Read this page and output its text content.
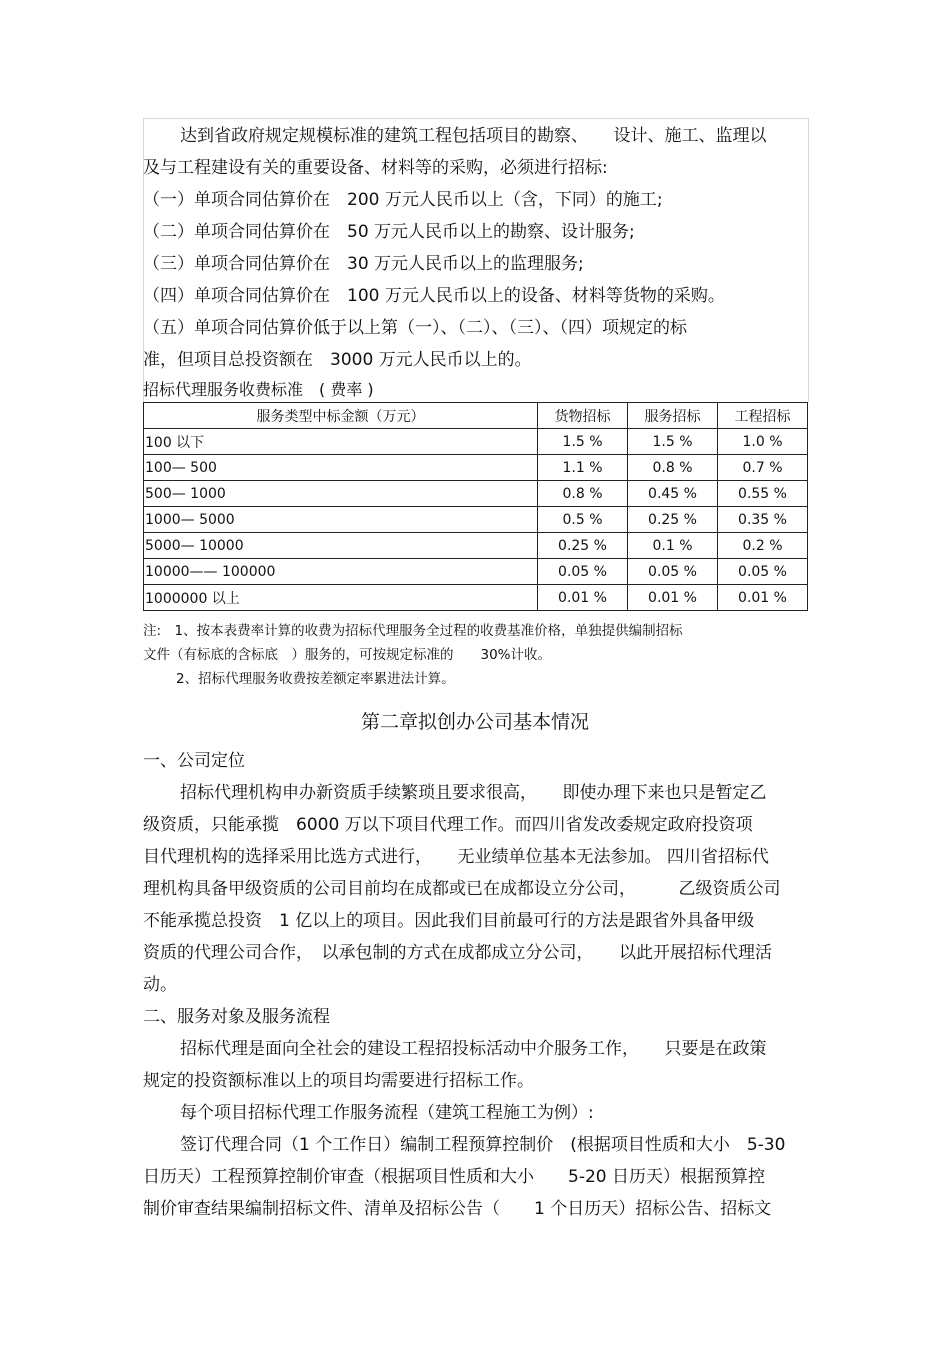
达到省政府规定规模标准的建筑工程包括项目的勘察、　　设计、施工、监理以
及与工程建设有关的重要设备、材料等的采购，必须进行招标:
（一）单项合同估算价在　200 万元人民币以上（含，下同）的施工;
（二）单项合同估算价在　50 万元人民币以上的勘察、设计服务;
（三）单项合同估算价在　30 万元人民币以上的监理服务;
（四）单项合同估算价在　100 万元人民币以上的设备、材料等货物的采购。
（五）单项合同估算价低于以上第（一）、（二）、（三）、（四）项规定的标
准，但项目总投资额在　3000 万元人民币以上的。
招标代理服务收费标准　( 费率 )
服务类型中标金额（万元）	货物招标	服务招标	工程招标
100 以下	1.5 %	1.5 %	1.0 %
100— 500	1.1 %	0.8 %	0.7 %
500— 1000	0.8 %	0.45 %	0.55 %
1000— 5000	0.5 %	0.25 %	0.35 %
5000— 10000	0.25 %	0.1 %	0.2 %
10000—— 100000	0.05 %	0.05 %	0.05 %
1000000 以上	0.01 %	0.01 %	0.01 %
注:　1、按本表费率计算的收费为招标代理服务全过程的收费基准价格，单独提供编制招标
文件（有标底的含标底　）服务的，可按规定标准的　　30%计收。
2、招标代理服务收费按差额定率累进法计算。
第二章拟创办公司基本情况
一、公司定位
招标代理机构申办新资质手续繁琐且要求很高，　　即使办理下来也只是暂定乙
级资质，只能承揽　6000 万以下项目代理工作。而四川省发改委规定政府投资项
目代理机构的选择采用比选方式进行，　　无业绩单位基本无法参加。 四川省招标代
理机构具备甲级资质的公司目前均在成都或已在成都设立分公司，　　　乙级资质公司
不能承揽总投资　1 亿以上的项目。因此我们目前最可行的方法是跟省外具备甲级
资质的代理公司合作，　以承包制的方式在成都成立分公司，　　以此开展招标代理活
动。
二、服务对象及服务流程
招标代理是面向全社会的建设工程招投标活动中介服务工作，　　只要是在政策
规定的投资额标准以上的项目均需要进行招标工作。
每个项目招标代理工作服务流程（建筑工程施工为例）:
签订代理合同（1 个工作日）编制工程预算控制价　(根据项目性质和大小　5-30
日历天）工程预算控制价审查（根据项目性质和大小　　5-20 日历天）根据预算控
制价审查结果编制招标文件、清单及招标公告（　　1 个日历天）招标公告、招标文
